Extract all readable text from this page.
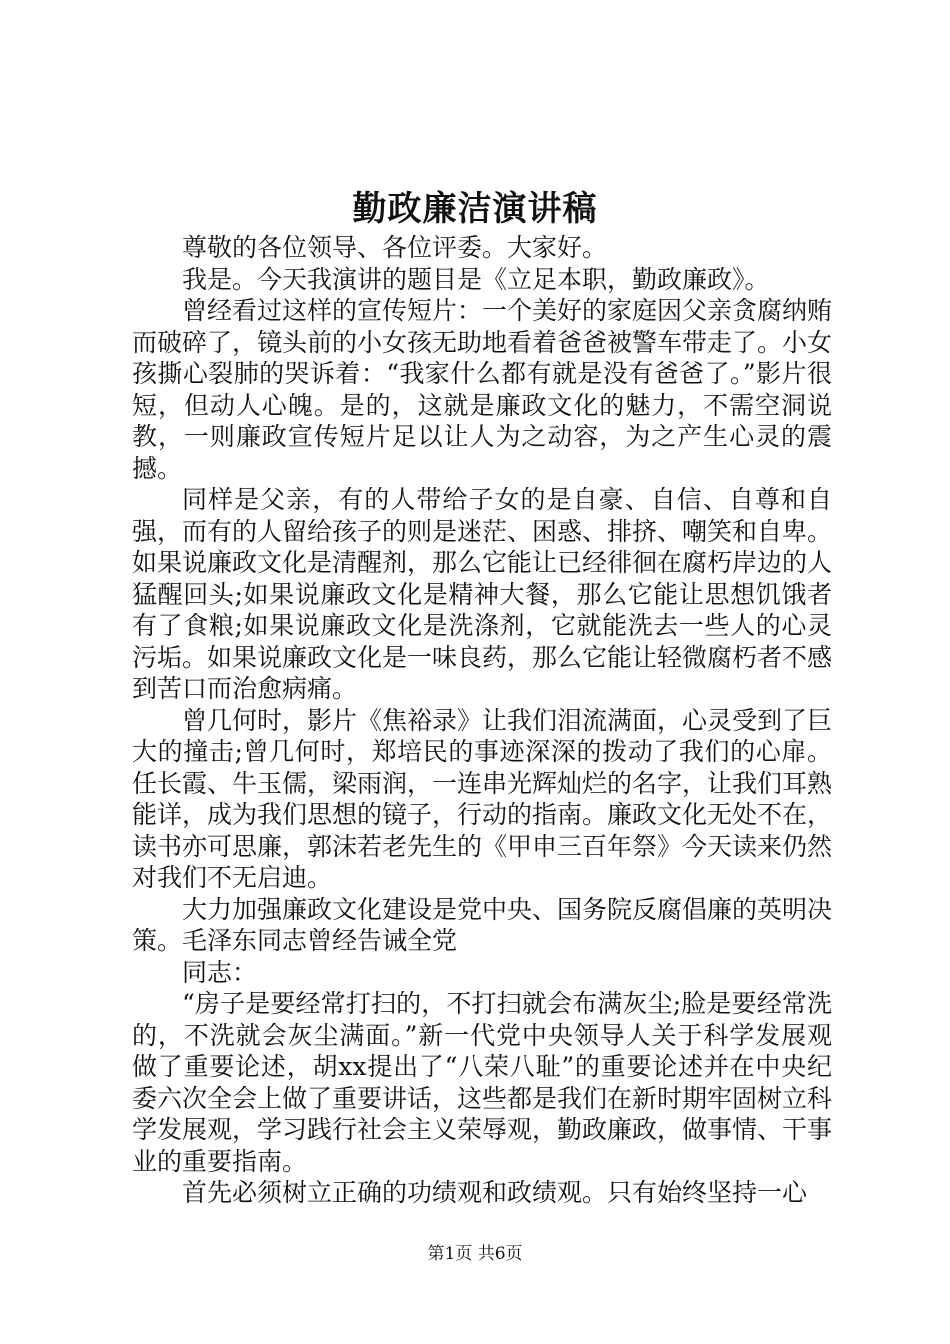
勤政廉洁演讲稿

尊敬的各位领导、各位评委。大家好。

我是。今天我演讲的题目是《立足本职，勤政廉政》。

曾经看过这样的宣传短片：一个美好的家庭因父亲贪腐纳贿而破碎了，镜头前的小女孩无助地看着爸爸被警车带走了。小女孩撕心裂肺的哭诉着：“我家什么都有就是没有爸爸了。”影片很短，但动人心魄。是的，这就是廉政文化的魅力，不需空洞说教，一则廉政宣传短片足以让人为之动容，为之产生心灵的震撼。

同样是父亲，有的人带给子女的是自豪、自信、自尊和自强，而有的人留给孩子的则是迷茫、困惑、排挤、嘲笑和自卑。如果说廉政文化是清醒剂，那么它能让已经徘徊在腐朽岸边的人猛醒回头;如果说廉政文化是精神大餐，那么它能让思想饥饿者有了食粮;如果说廉政文化是洗涤剂，它就能洗去一些人的心灵污垢。如果说廉政文化是一味良药，那么它能让轻微腐朽者不感到苦口而治愈病痛。

曾几何时，影片《焦裕录》让我们泪流满面，心灵受到了巨大的撞击;曾几何时，郑培民的事迹深深的拨动了我们的心扉。任长霞、牛玉儒，梁雨润，一连串光辉灿烂的名字，让我们耳熟能详，成为我们思想的镜子，行动的指南。廉政文化无处不在，读书亦可思廉，郭沫若老先生的《甲申三百年祭》今天读来仍然对我们不无启迪。

大力加强廉政文化建设是党中央、国务院反腐倡廉的英明决策。毛泽东同志曾经告诫全党

同志：

“房子是要经常打扫的，不打扫就会布满灰尘;脸是要经常洗的，不洗就会灰尘满面。”新一代党中央领导人关于科学发展观做了重要论述，胡xx提出了“八荣八耻”的重要论述并在中央纪委六次全会上做了重要讲话，这些都是我们在新时期牢固树立科学发展观，学习践行社会主义荣辱观，勤政廉政，做事情、干事业的重要指南。

首先必须树立正确的功绩观和政绩观。只有始终坚持一心

第1页 共6页
